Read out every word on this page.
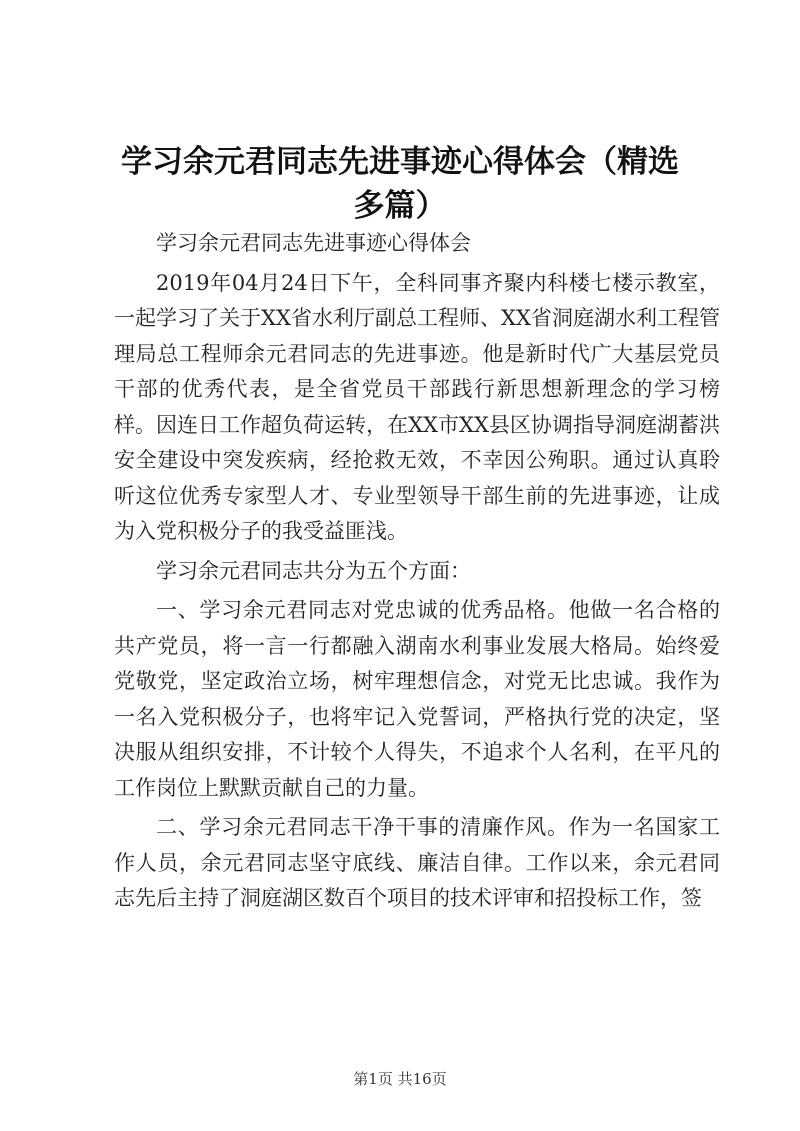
学习余元君同志先进事迹心得体会（精选多篇）

学习余元君同志先进事迹心得体会

2019年04月24日下午，全科同事齐聚内科楼七楼示教室，一起学习了关于XX省水利厅副总工程师、XX省洞庭湖水利工程管理局总工程师余元君同志的先进事迹。他是新时代广大基层党员干部的优秀代表，是全省党员干部践行新思想新理念的学习榜样。因连日工作超负荷运转，在XX市XX县区协调指导洞庭湖蓄洪安全建设中突发疾病，经抢救无效，不幸因公殉职。通过认真聆听这位优秀专家型人才、专业型领导干部生前的先进事迹，让成为入党积极分子的我受益匪浅。

学习余元君同志共分为五个方面：

一、学习余元君同志对党忠诚的优秀品格。他做一名合格的共产党员，将一言一行都融入湖南水利事业发展大格局。始终爱党敬党，坚定政治立场，树牢理想信念，对党无比忠诚。我作为一名入党积极分子，也将牢记入党誓词，严格执行党的决定，坚决服从组织安排，不计较个人得失，不追求个人名利，在平凡的工作岗位上默默贡献自己的力量。

二、学习余元君同志干净干事的清廉作风。作为一名国家工作人员，余元君同志坚守底线、廉洁自律。工作以来，余元君同志先后主持了洞庭湖区数百个项目的技术评审和招投标工作，签

第1页 共16页
